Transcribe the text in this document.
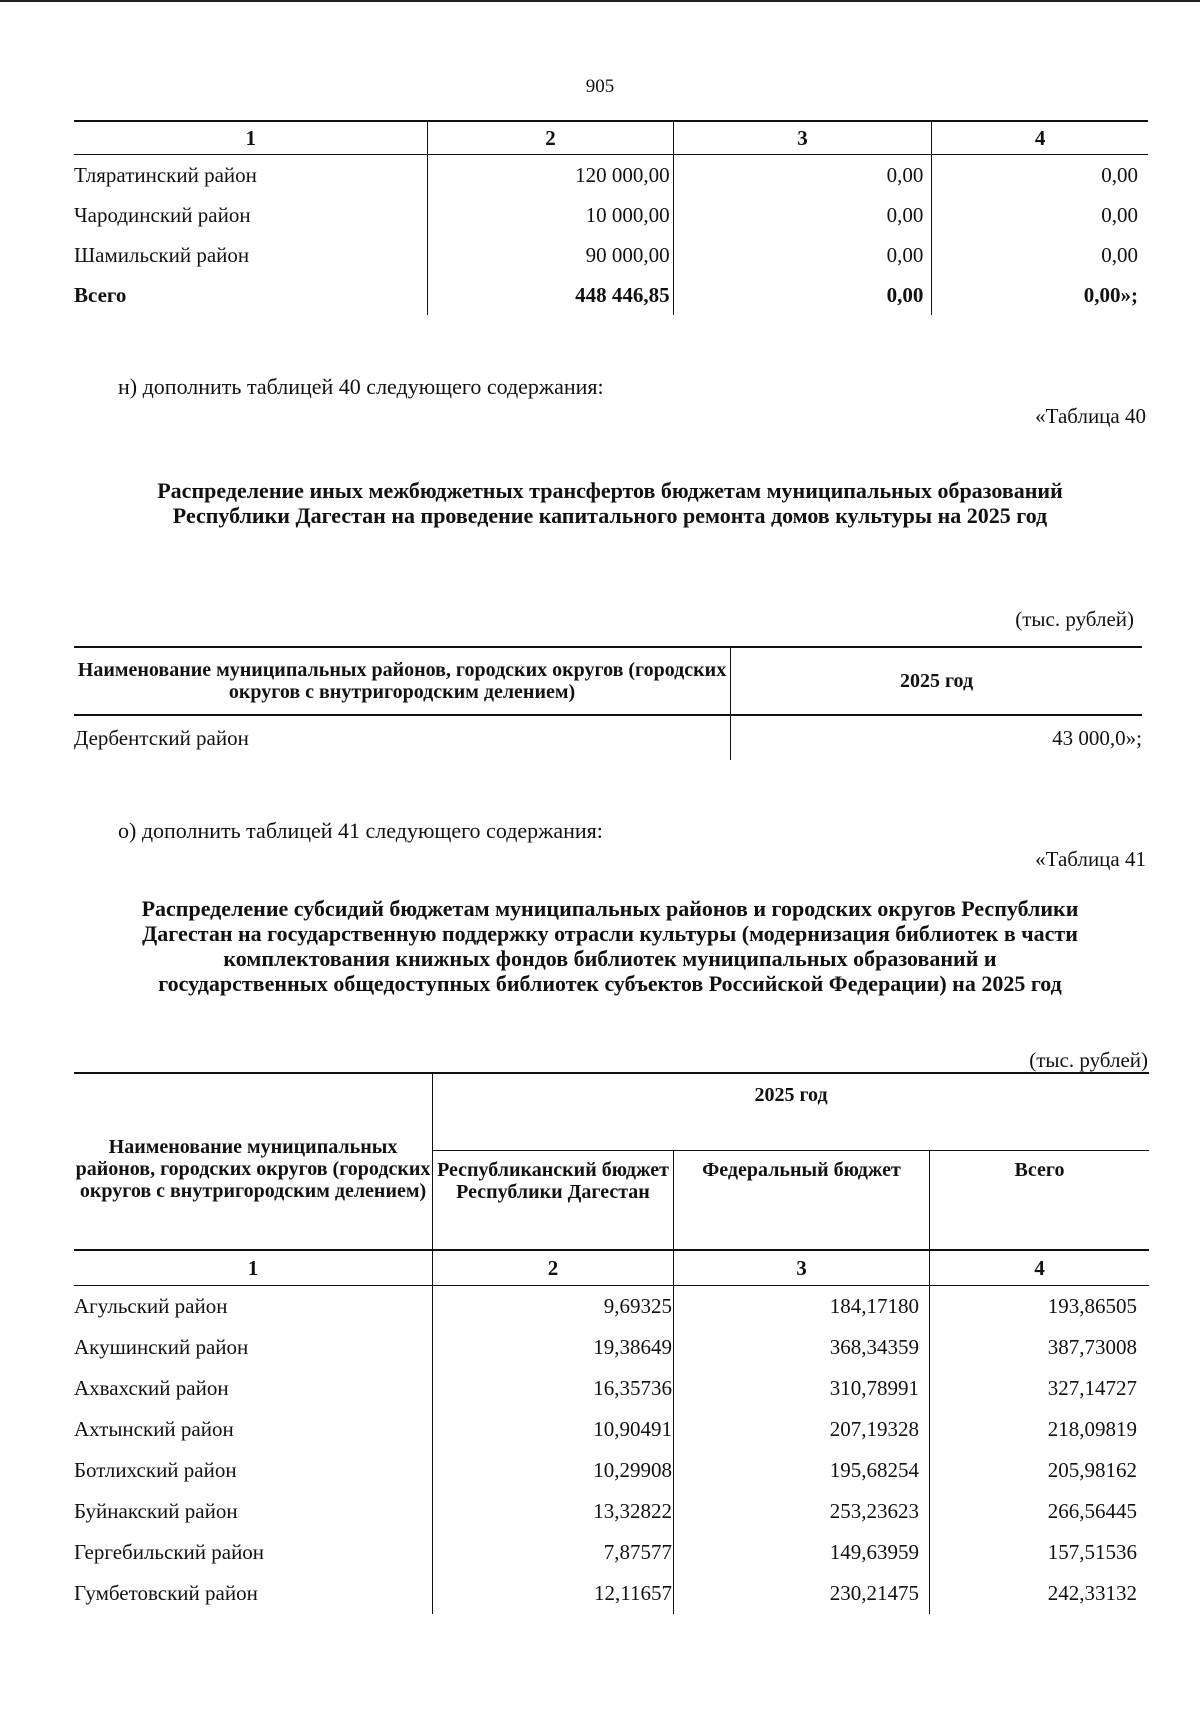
905
1	2	3	4
Тляратинский район	120 000,00	0,00	0,00
Чародинский район	10 000,00	0,00	0,00
Шамильский район	90 000,00	0,00	0,00
Всего	448 446,85	0,00	0,00»;
н) дополнить таблицей 40 следующего содержания:
«Таблица 40
Распределение иных межбюджетных трансфертов бюджетам муниципальных образований Республики Дагестан на проведение капитального ремонта домов культуры на 2025 год
(тыс. рублей)
Наименование муниципальных районов, городских округов (городских округов с внутригородским делением)	2025 год
Дербентский район	43 000,0»;
о) дополнить таблицей 41 следующего содержания:
«Таблица 41
Распределение субсидий бюджетам муниципальных районов и городских округов Республики Дагестан на государственную поддержку отрасли культуры (модернизация библиотек в части комплектования книжных фондов библиотек муниципальных образований и государственных общедоступных библиотек субъектов Российской Федерации) на 2025 год
(тыс. рублей)
Наименование муниципальных районов, городских округов (городских округов с внутригородским делением)	2025 год		
	Республиканский бюджет Республики Дагестан	Федеральный бюджет	Всего
1	2	3	4
Агульский район	9,69325	184,17180	193,86505
Акушинский район	19,38649	368,34359	387,73008
Ахвахский район	16,35736	310,78991	327,14727
Ахтынский район	10,90491	207,19328	218,09819
Ботлихский район	10,29908	195,68254	205,98162
Буйнакский район	13,32822	253,23623	266,56445
Гергебильский район	7,87577	149,63959	157,51536
Гумбетовский район	12,11657	230,21475	242,33132
